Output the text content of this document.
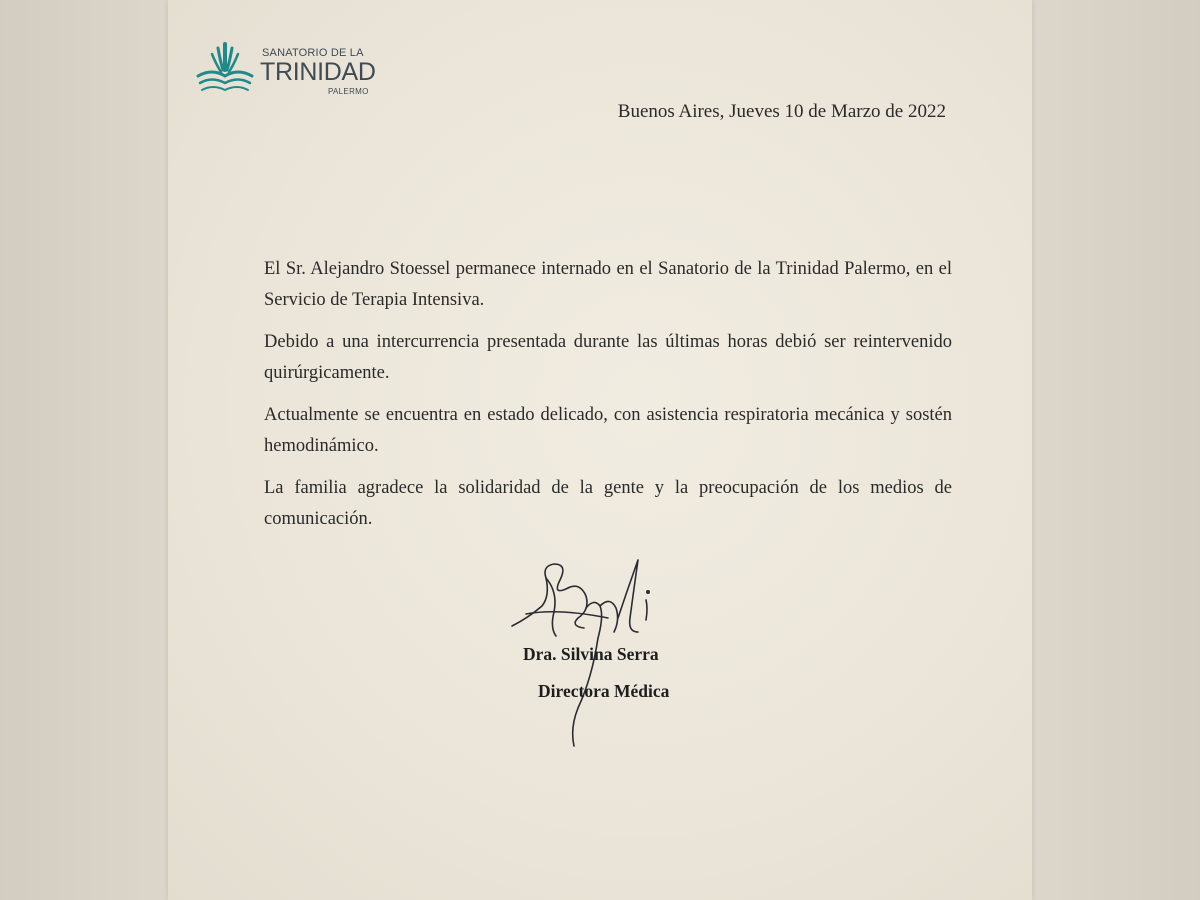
SANATORIO DE LA
TRINIDAD
PALERMO
Buenos Aires, Jueves 10 de Marzo de 2022

El Sr. Alejandro Stoessel permanece internado en el Sanatorio de la Trinidad Palermo, en el Servicio de Terapia Intensiva.

Debido a una intercurrencia presentada durante las últimas horas debió ser reintervenido quirúrgicamente.

Actualmente se encuentra en estado delicado, con asistencia respiratoria mecánica y sostén hemodinámico.

La familia agradece la solidaridad de la gente y la preocupación de los medios de comunicación.

Dra. Silvina Serra
Directora Médica
